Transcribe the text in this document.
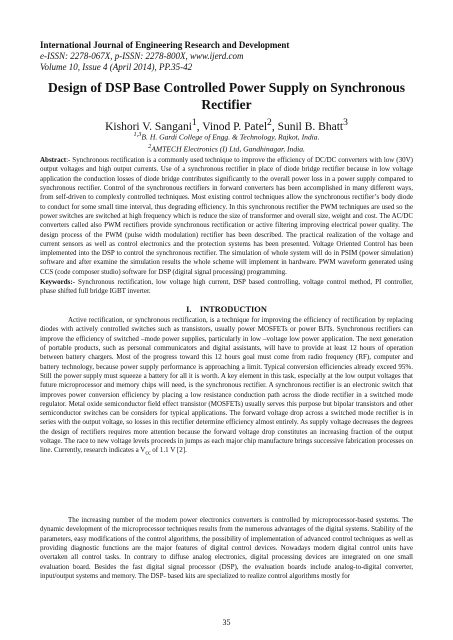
International Journal of Engineering Research and Development
e-ISSN: 2278-067X, p-ISSN: 2278-800X, www.ijerd.com
Volume 10, Issue 4 (April 2014), PP.35-42
Design of DSP Base Controlled Power Supply on Synchronous Rectifier
Kishori V. Sangani$^1$, Vinod P. Patel$^2$, Sunil B. Bhatt$^3$
$^{1,3}$B. H. Gardi College of Engg. & Technology, Rajkot, India.
$^2$AMTECH Electronics (I) Ltd, Gandhinagar, India.
Abstract:- Synchronous rectification is a commonly used technique to improve the efficiency of DC/DC converters with low (30V) output voltages and high output currents. Use of a synchronous rectifier in place of diode bridge rectifier because in low voltage application the conduction losses of diode bridge contributes significantly to the overall power loss in a power supply compared to synchronous rectifier. Control of the synchronous rectifiers in forward converters has been accomplished in many different ways, from self-driven to complexly controlled techniques. Most existing control techniques allow the synchronous rectifier’s body diode to conduct for some small time interval, thus degrading efficiency. In this synchronous rectifier the PWM techniques are used so the power switches are switched at high frequency which is reduce the size of transformer and overall size, weight and cost. The AC/DC converters called also PWM rectifiers provide synchronous rectification or active filtering improving electrical power quality. The design process of the PWM (pulse width modulation) rectifier has been described. The practical realization of the voltage and current sensors as well as control electronics and the protection systems has been presented. Voltage Oriented Control has been implemented into the DSP to control the synchronous rectifier. The simulation of whole system will do in PSIM (power simulation) software and after examine the simulation results the whole scheme will implement in hardware. PWM waveform generated using CCS (code composer studio) software for DSP (digital signal processing) programming.
Keywords:- Synchronous rectification, low voltage high current, DSP based controlling, voltage control method, PI controller, phase shifted full bridge IGBT inverter.
I. INTRODUCTION
Active rectification, or synchronous rectification, is a technique for improving the efficiency of rectification by replacing diodes with actively controlled switches such as transistors, usually power MOSFETs or power BJTs. Synchronous rectifiers can improve the efficiency of switched –mode power supplies, particularly in low –voltage low power application. The next generation of portable products, such as personal communicators and digital assistants, will have to provide at least 12 hours of operation between battery chargers. Most of the progress toward this 12 hours goal must come from radio frequency (RF), computer and battery technology, because power supply performance is approaching a limit. Typical conversion efficiencies already exceed 95%. Still the power supply must squeeze a battery for all it is worth. A key element in this task, especially at the low output voltages that future microprocessor and memory chips will need, is the synchronous rectifier. A synchronous rectifier is an electronic switch that improves power conversion efficiency by placing a low resistance conduction path across the diode rectifier in a switched mode regulator. Metal oxide semiconductor field effect transistor (MOSFETs) usually serves this purpose but bipolar transistors and other semiconductor switches can be considers for typical applications. The forward voltage drop across a switched mode rectifier is in series with the output voltage, so losses in this rectifier determine efficiency almost entirely. As supply voltage decreases the degrees the design of rectifiers requires more attention because the forward voltage drop constitutes an increasing fraction of the output voltage. The race to new voltage levels proceeds in jumps as each major chip manufacture brings successive fabrication processes on line. Currently, research indicates a $V_{cc}$ of 1.1 V [2].
The increasing number of the modern power electronics converters is controlled by microprocessor-based systems. The dynamic development of the microprocessor techniques results from the numerous advantages of the digital systems. Stability of the parameters, easy modifications of the control algorithms, the possibility of implementation of advanced control techniques as well as providing diagnostic functions are the major features of digital control devices. Nowadays modern digital control units have overtaken all control tasks. In contrary to diffuse analog electronics, digital processing devices are integrated on one small evaluation board. Besides the fast digital signal processor (DSP), the evaluation boards include analog-to-digital converter, input/output systems and memory. The DSP- based kits are specialized to realize control algorithms mostly for
35
